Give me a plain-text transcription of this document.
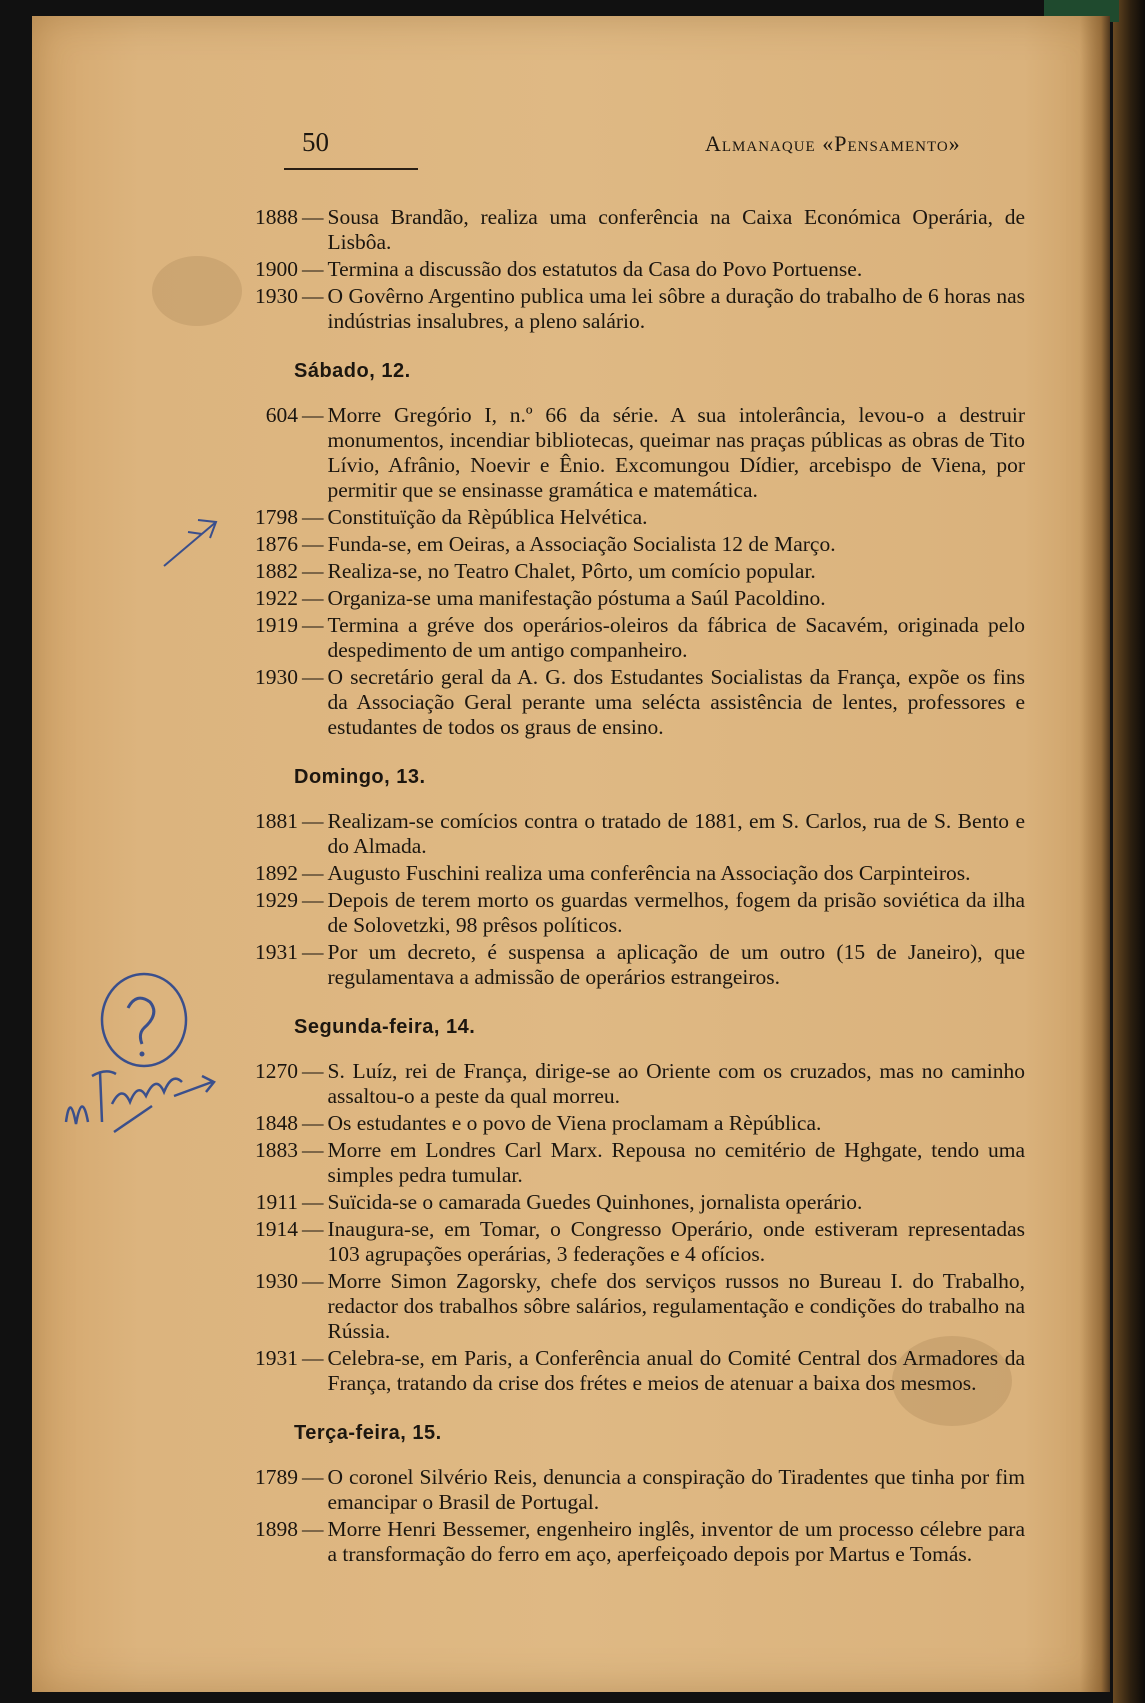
50	Almanaque «Pensamento»
1888 — Sousa Brandão, realiza uma conferência na Caixa Económica Operária, de Lisbôa.
1900 — Termina a discussão dos estatutos da Casa do Povo Portuense.
1930 — O Govêrno Argentino publica uma lei sôbre a duração do trabalho de 6 horas nas indústrias insalubres, a pleno salário.
Sábado, 12.
604 — Morre Gregório I, n.º 66 da série. A sua intolerância, levou-o a destruir monumentos, incendiar bibliotecas, queimar nas praças públicas as obras de Tito Lívio, Afrânio, Noevir e Ênio. Excomungou Dídier, arcebispo de Viena, por permitir que se ensinasse gramática e matemática.
1798 — Constituïção da Rèpública Helvética.
1876 — Funda-se, em Oeiras, a Associação Socialista 12 de Março.
1882 — Realiza-se, no Teatro Chalet, Pôrto, um comício popular.
1922 — Organiza-se uma manifestação póstuma a Saúl Pacoldino.
1919 — Termina a gréve dos operários-oleiros da fábrica de Sacavém, originada pelo despedimento de um antigo companheiro.
1930 — O secretário geral da A. G. dos Estudantes Socialistas da França, expõe os fins da Associação Geral perante uma selécta assistência de lentes, professores e estudantes de todos os graus de ensino.
Domingo, 13.
1881 — Realizam-se comícios contra o tratado de 1881, em S. Carlos, rua de S. Bento e do Almada.
1892 — Augusto Fuschini realiza uma conferência na Associação dos Carpinteiros.
1929 — Depois de terem morto os guardas vermelhos, fogem da prisão soviética da ilha de Solovetzki, 98 prêsos políticos.
1931 — Por um decreto, é suspensa a aplicação de um outro (15 de Janeiro), que regulamentava a admissão de operários estrangeiros.
Segunda-feira, 14.
1270 — S. Luíz, rei de França, dirige-se ao Oriente com os cruzados, mas no caminho assaltou-o a peste da qual morreu.
1848 — Os estudantes e o povo de Viena proclamam a Rèpública.
1883 — Morre em Londres Carl Marx. Repousa no cemitério de Hghgate, tendo uma simples pedra tumular.
1911 — Suïcida-se o camarada Guedes Quinhones, jornalista operário.
1914 — Inaugura-se, em Tomar, o Congresso Operário, onde estiveram representadas 103 agrupações operárias, 3 federações e 4 ofícios.
1930 — Morre Simon Zagorsky, chefe dos serviços russos no Bureau I. do Trabalho, redactor dos trabalhos sôbre salários, regulamentação e condições do trabalho na Rússia.
1931 — Celebra-se, em Paris, a Conferência anual do Comité Central dos Armadores da França, tratando da crise dos frétes e meios de atenuar a baixa dos mesmos.
Terça-feira, 15.
1789 — O coronel Silvério Reis, denuncia a conspiração do Tiradentes que tinha por fim emancipar o Brasil de Portugal.
1898 — Morre Henri Bessemer, engenheiro inglês, inventor de um processo célebre para a transformação do ferro em aço, aperfeiçoado depois por Martus e Tomás.
